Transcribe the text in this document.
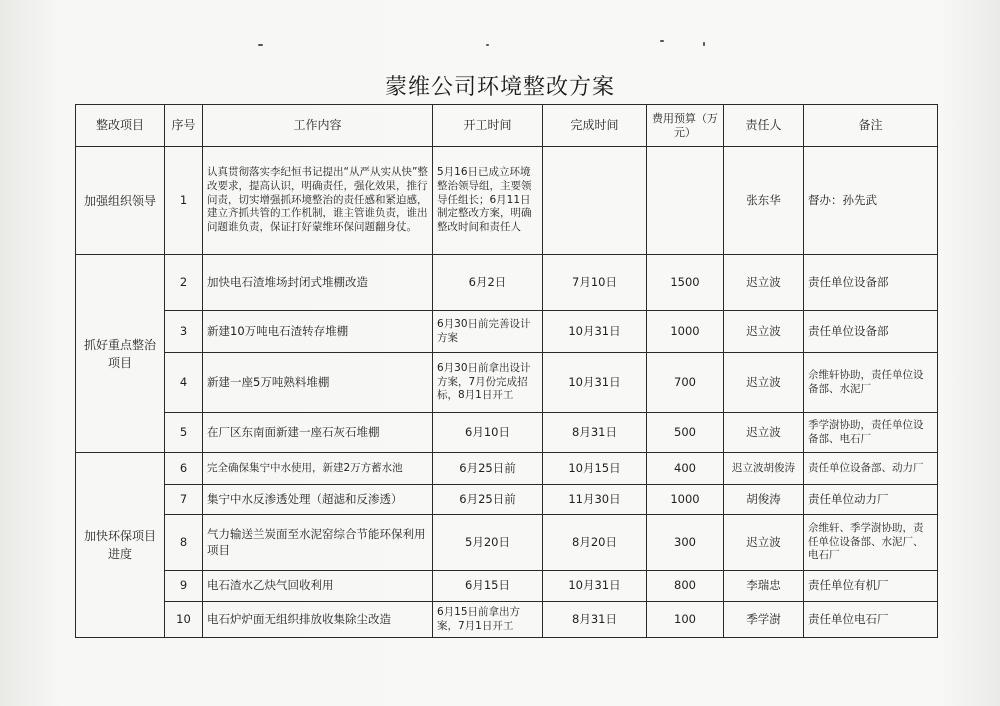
蒙维公司环境整改方案
整改项目	序号	工作内容	开工时间	完成时间	费用预算（万元）	责任人	备注
加强组织领导	1	认真贯彻落实李纪恒书记提出“从严从实从快”整改要求，提高认识，明确责任，强化效果，推行问责，切实增强抓环境整治的责任感和紧迫感，建立齐抓共管的工作机制，谁主管谁负责，谁出问题谁负责，保证打好蒙维环保问题翻身仗。	5月16日已成立环境整治领导组，主要领导任组长；6月11日制定整改方案，明确整改时间和责任人			张东华	督办：孙先武
抓好重点整治项目	2	加快电石渣堆场封闭式堆棚改造	6月2日	7月10日	1500	迟立波	责任单位设备部
	3	新建10万吨电石渣转存堆棚	6月30日前完善设计方案	10月31日	1000	迟立波	责任单位设备部
	4	新建一座5万吨熟料堆棚	6月30日前拿出设计方案，7月份完成招标，8月1日开工	10月31日	700	迟立波	佘维轩协助，责任单位设备部、水泥厂
	5	在厂区东南面新建一座石灰石堆棚	6月10日	8月31日	500	迟立波	季学澍协助，责任单位设备部、电石厂
加快环保项目进度	6	完全确保集宁中水使用，新建2万方蓄水池	6月25日前	10月15日	400	迟立波胡俊涛	责任单位设备部、动力厂
	7	集宁中水反渗透处理（超滤和反渗透）	6月25日前	11月30日	1000	胡俊涛	责任单位动力厂
	8	气力输送兰炭面至水泥窑综合节能环保利用项目	5月20日	8月20日	300	迟立波	佘维轩、季学澍协助，责任单位设备部、水泥厂、电石厂
	9	电石渣水乙炔气回收利用	6月15日	10月31日	800	李瑞忠	责任单位有机厂
	10	电石炉炉面无组织排放收集除尘改造	6月15日前拿出方案，7月1日开工	8月31日	100	季学澍	责任单位电石厂
